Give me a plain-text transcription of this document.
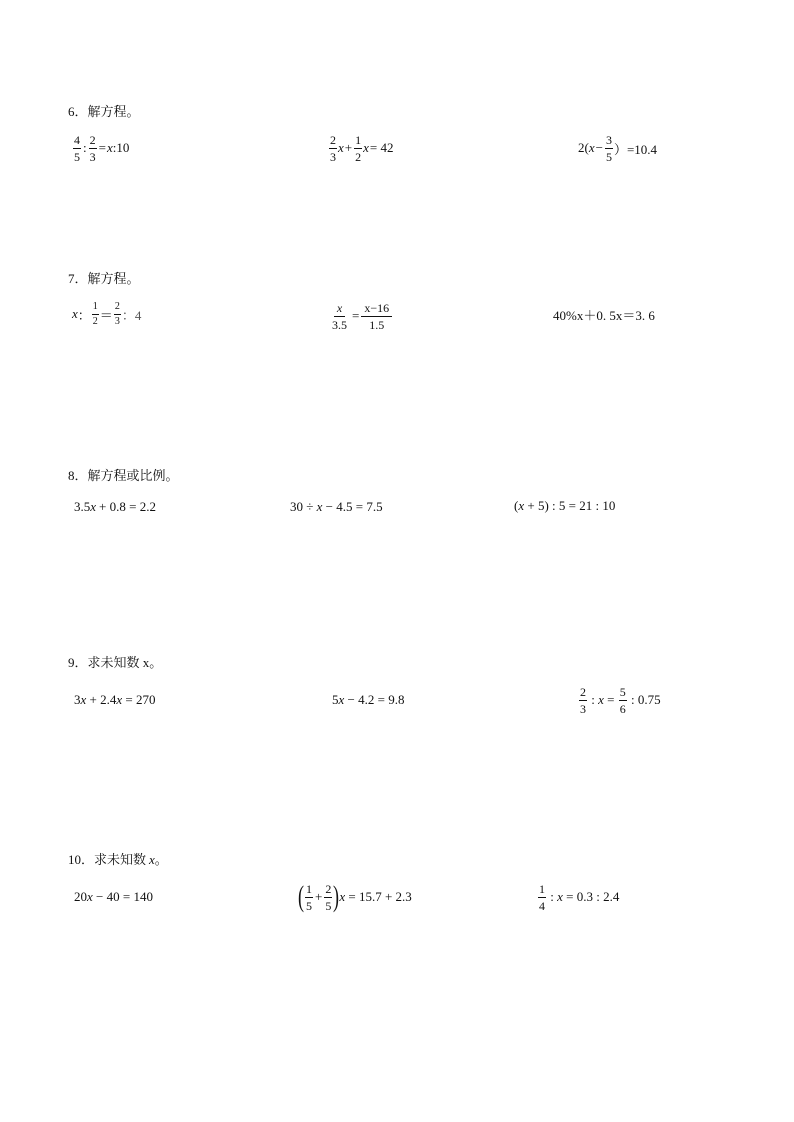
6．解方程。
$\frac{4}{5}$ : $\frac{2}{3} = x$ :10	$\frac{2}{3}$ $x + \frac{1}{2}$ x = 42	2( $x - \frac{3}{5} )=10.4$
7．解方程。
x ： $\frac{1}{2} = \frac{2}{3}$ ：4	$\frac{x}{3.5} = \frac{x-16}{1.5}$	40%x＋0. 5x＝3. 6
8．解方程或比例。
3.5 x + 0.8 = 2.2	30 ÷ x − 4.5 = 7.5	( x + 5) : 5 = 21 : 10
9．求未知数 x。
3 x + 2.4 x = 270	5 x − 4.2 = 9.8	$\frac{2}{3}$ : $x = \frac{5}{6}$ : 0.75
10．求未知数 x。
20 x − 40 = 140	( $\frac{1}{5} + \frac{2}{5}$ ) x = 15.7 + 2.3	$\frac{1}{4}$ : x = 0.3 : 2.4
